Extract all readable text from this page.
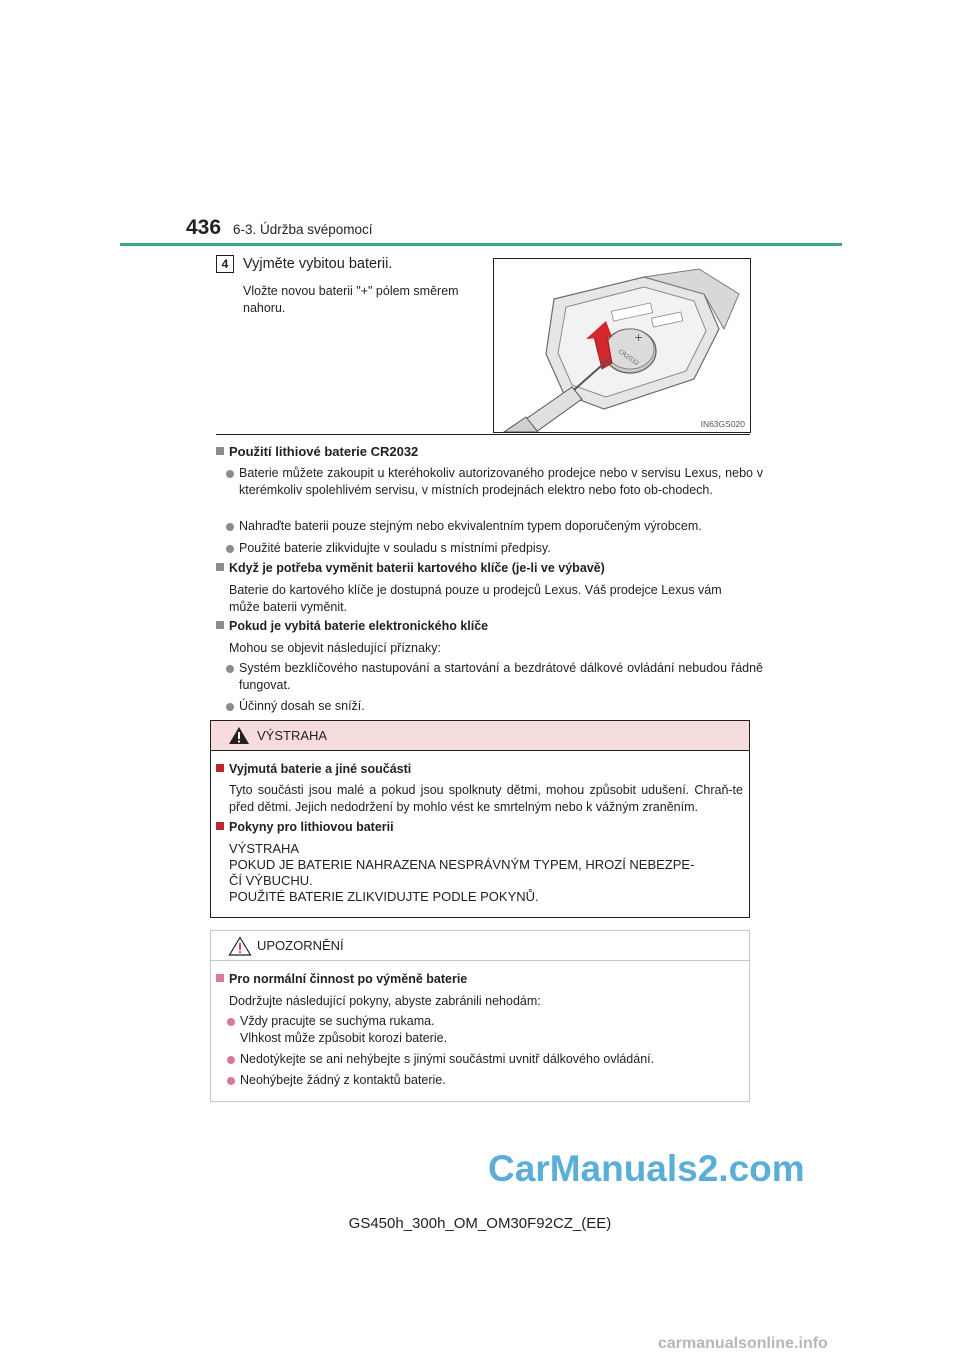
436 6-3. Údržba svépomocí
4	Vyjměte vybitou baterii.
Vložte novou baterii "+" pólem směrem nahoru.
+
CR2032
IN63GS020
Použití lithiové baterie CR2032
Baterie můžete zakoupit u kteréhokoliv autorizovaného prodejce nebo v servisu Lexus, nebo v kterémkoliv spolehlivém servisu, v místních prodejnách elektro nebo foto ob-chodech.
Nahraďte baterii pouze stejným nebo ekvivalentním typem doporučeným výrobcem.
Použité baterie zlikvidujte v souladu s místními předpisy.
Když je potřeba vyměnit baterii kartového klíče (je-li ve výbavě)
Baterie do kartového klíče je dostupná pouze u prodejců Lexus. Váš prodejce Lexus vám může baterii vyměnit.
Pokud je vybitá baterie elektronického klíče
Mohou se objevit následující příznaky:
Systém bezklíčového nastupování a startování a bezdrátové dálkové ovládání nebudou řádně fungovat.
Účinný dosah se sníží.
VÝSTRAHA
Vyjmutá baterie a jiné součásti
Tyto součásti jsou malé a pokud jsou spolknuty dětmi, mohou způsobit udušení. Chraň-te před dětmi. Jejich nedodržení by mohlo vést ke smrtelným nebo k vážným zraněním.
Pokyny pro lithiovou baterii
VÝSTRAHA
POKUD JE BATERIE NAHRAZENA NESPRÁVNÝM TYPEM, HROZÍ NEBEZPE-
ČÍ VÝBUCHU.
POUŽITÉ BATERIE ZLIKVIDUJTE PODLE POKYNŮ.
UPOZORNĚNÍ
Pro normální činnost po výměně baterie
Dodržujte následující pokyny, abyste zabránili nehodám:
Vždy pracujte se suchýma rukama.
Vlhkost může způsobit korozi baterie.
Nedotýkejte se ani nehýbejte s jinými součástmi uvnitř dálkového ovládání.
Neohýbejte žádný z kontaktů baterie.
CarManuals2.com
GS450h_300h_OM_OM30F92CZ_(EE)
carmanualsonline.info
